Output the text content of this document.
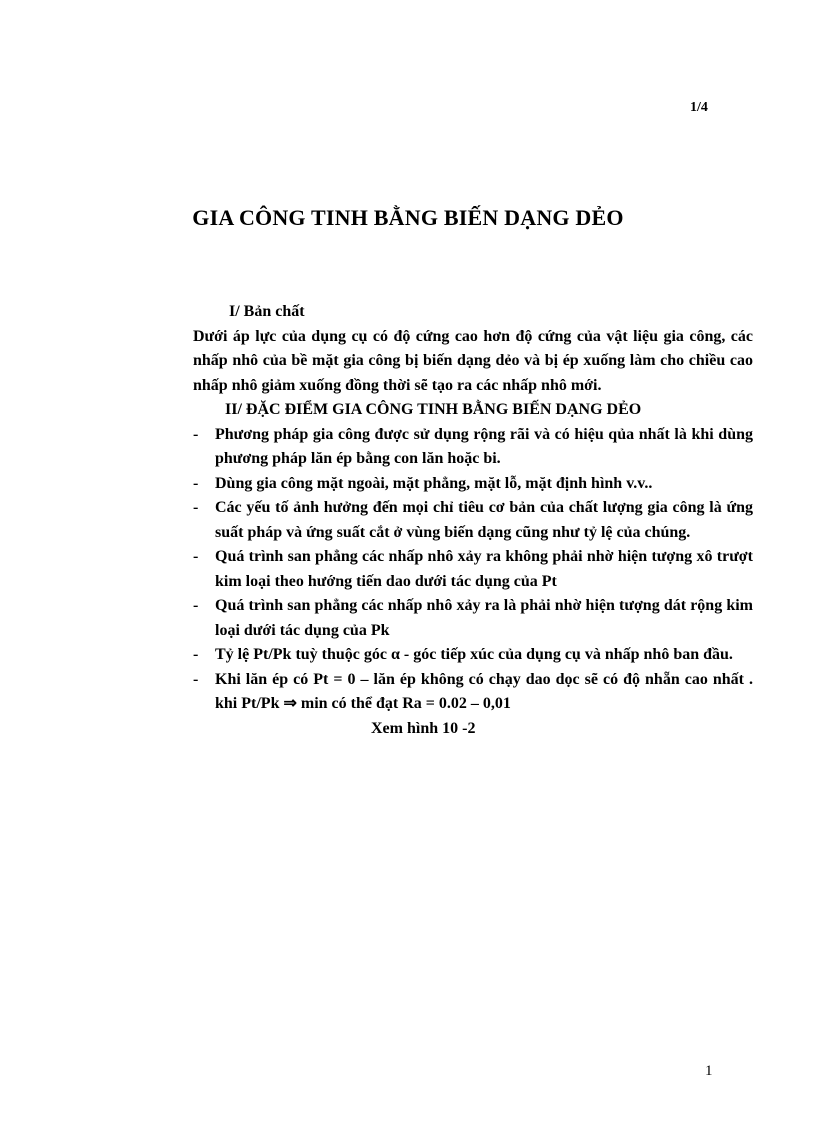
1/4
GIA CÔNG TINH BẰNG BIẾN DẠNG DẺO
I/ Bản chất
Dưới áp lực của dụng cụ có độ cứng cao hơn độ cứng của vật liệu gia công, các nhấp nhô của bề mặt gia công bị biến dạng dẻo và bị ép xuống làm cho chiều cao nhấp nhô giảm xuống đồng thời sẽ tạo ra các nhấp nhô mới.
II/ ĐẶC ĐIỂM GIA CÔNG TINH BẰNG BIẾN DẠNG DẺO
- Phương pháp gia công được sử dụng rộng rãi và có hiệu qủa nhất là khi dùng phương pháp lăn ép bằng con lăn hoặc bi.
- Dùng gia công mặt ngoài, mặt phẳng, mặt lỗ, mặt định hình v.v..
- Các yếu tố ảnh hưởng đến mọi chỉ tiêu cơ bản của chất lượng gia công là ứng suất pháp và ứng suất cắt ở vùng biến dạng cũng như tỷ lệ của chúng.
- Quá trình san phẳng các nhấp nhô xảy ra không phải nhờ hiện tượng xô trượt kim loại theo hướng tiến dao dưới tác dụng của Pt
- Quá trình san phẳng các nhấp nhô xảy ra là phải nhờ hiện tượng dát rộng kim loại dưới tác dụng của Pk
- Tỷ lệ Pt/Pk tuỳ thuộc góc α - góc tiếp xúc của dụng cụ và nhấp nhô ban đầu.
- Khi lăn ép có Pt = 0 – lăn ép không có chạy dao dọc sẽ có độ nhẵn cao nhất . khi Pt/Pk ⇒ min có thể đạt Ra = 0.02 – 0,01
Xem hình 10 -2
1
